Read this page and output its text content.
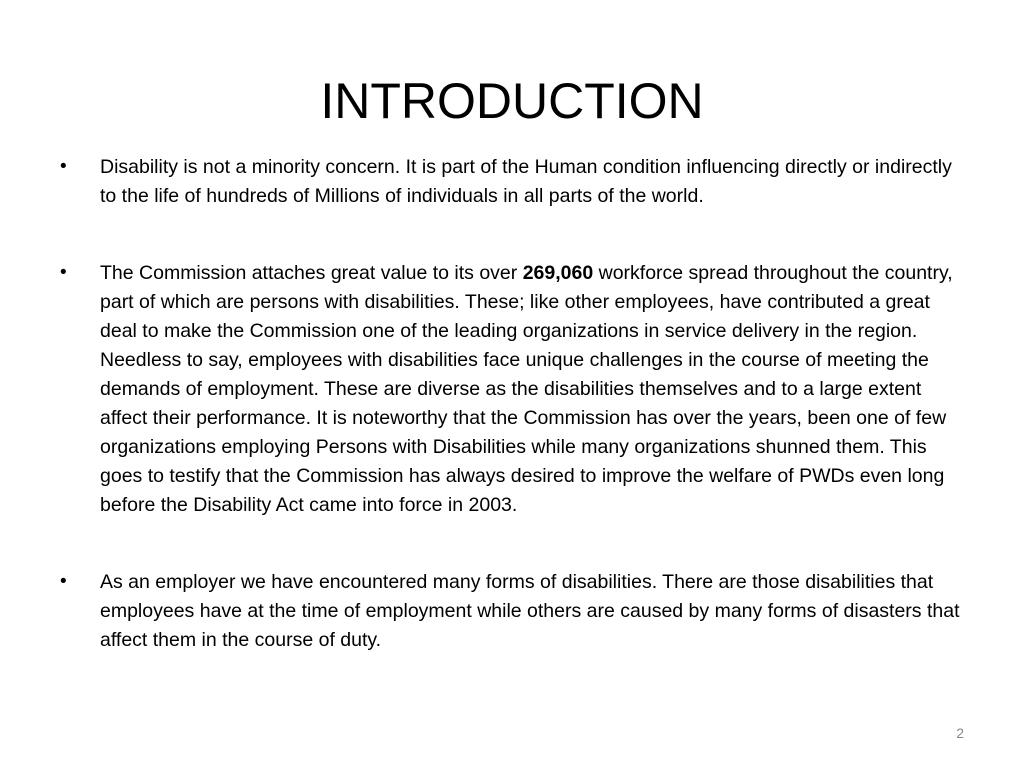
INTRODUCTION
•	Disability is not a minority concern. It is part of the Human condition influencing directly or indirectly to the life of hundreds of Millions of individuals in all parts of the world.
•	The Commission attaches great value to its over 269,060 workforce spread throughout the country, part of which are persons with disabilities. These; like other employees, have contributed a great deal to make the Commission one of the leading organizations in service delivery in the region. Needless to say, employees with disabilities face unique challenges in the course of meeting the demands of employment. These are diverse as the disabilities themselves and to a large extent affect their performance. It is noteworthy that the Commission has over the years, been one of few organizations employing Persons with Disabilities while many organizations shunned them. This goes to testify that the Commission has always desired to improve the welfare of PWDs even long before the Disability Act came into force in 2003.
•	As an employer we have encountered many forms of disabilities. There are those disabilities that employees have at the time of employment while others are caused by many forms of disasters that affect them in the course of duty.
2
